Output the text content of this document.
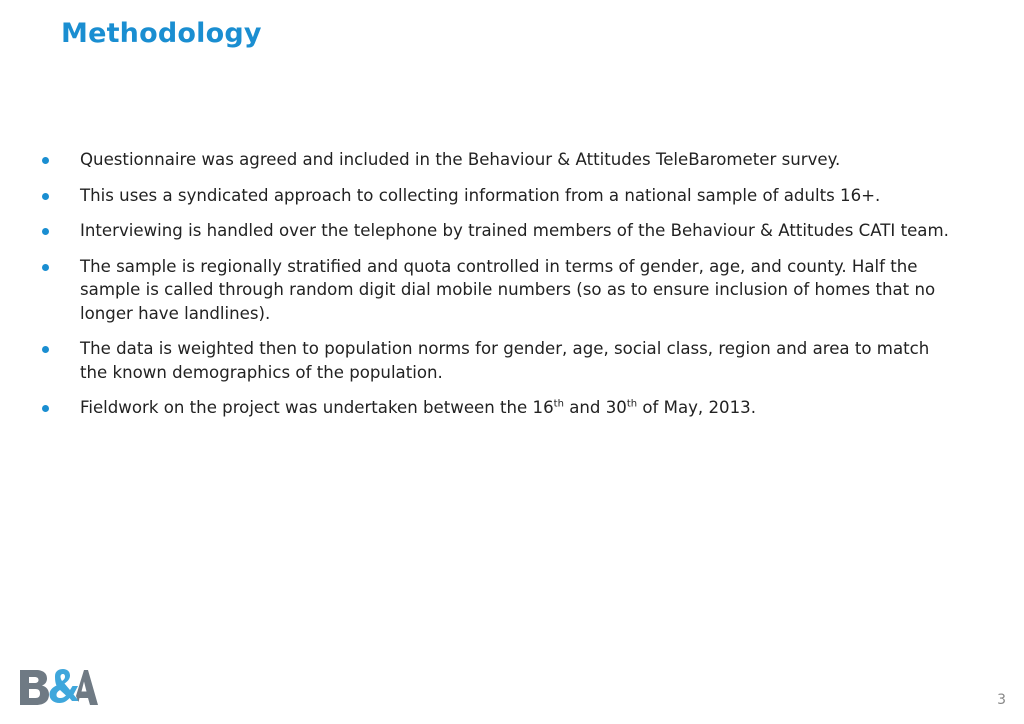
Methodology
Questionnaire was agreed and included in the Behaviour & Attitudes TeleBarometer survey.
This uses a syndicated approach to collecting information from a national sample of adults 16+.
Interviewing is handled over the telephone by trained members of the Behaviour & Attitudes CATI team.
The sample is regionally stratified and quota controlled in terms of gender, age, and county. Half the sample is called through random digit dial mobile numbers (so as to ensure inclusion of homes that no longer have landlines).
The data is weighted then to population norms for gender, age, social class, region and area to match the known demographics of the population.
Fieldwork on the project was undertaken between the 16th and 30th of May, 2013.
3
